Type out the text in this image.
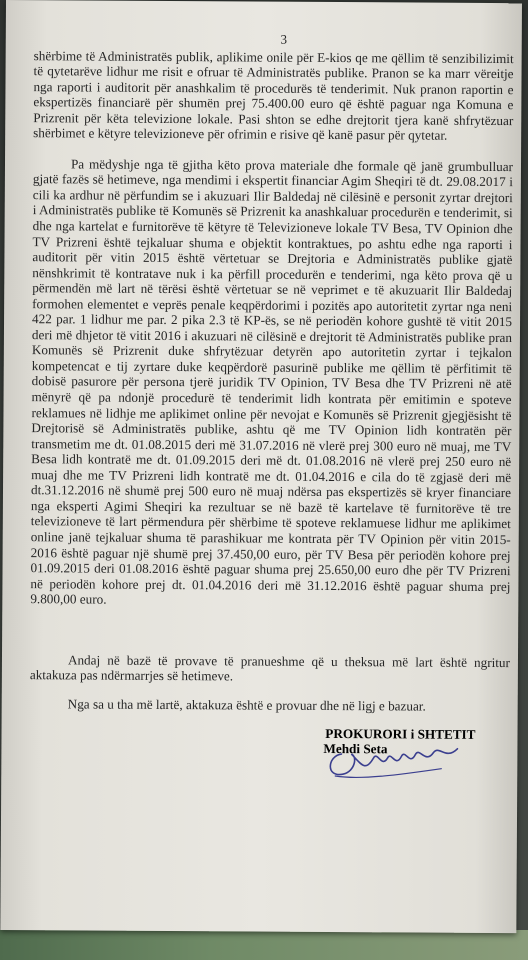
3

shërbime të Administratës publik, aplikime onile për E-kios qe me qëllim të senzibilizimit të qytetarëve lidhur me risit e ofruar të Administratës publike. Pranon se ka marr vëreitje nga raporti i auditorit për anashkalim të procedurës të tenderimit. Nuk pranon raportin e ekspertizës financiarë për shumën prej 75.400.00 euro që është paguar nga Komuna e Prizrenit për këta televizione lokale. Pasi shton se edhe drejtorit tjera kanë shfrytëzuar shërbimet e këtyre televizioneve për ofrimin e risive që kanë pasur për qytetar.

Pa mëdyshje nga të gjitha këto prova materiale dhe formale që janë grumbulluar gjatë fazës së hetimeve, nga mendimi i ekspertit financiar Agim Sheqiri të dt. 29.08.2017 i cili ka ardhur në përfundim se i akuzuari Ilir Baldedaj në cilësinë e personit zyrtar drejtori i Administratës publike të Komunës së Prizrenit ka anashkaluar procedurën e tenderimit, si dhe nga kartelat e furnitorëve të këtyre të Televizioneve lokale TV Besa, TV Opinion dhe TV Prizreni është tejkaluar shuma e objektit kontraktues, po ashtu edhe nga raporti i auditorit për vitin 2015 është vërtetuar se Drejtoria e Administratës publike gjatë nënshkrimit të kontratave nuk i ka përfill procedurën e tenderimi, nga këto prova që u përmendën më lart në tërësi është vërtetuar se në veprimet e të akuzuarit Ilir Baldedaj formohen elementet e veprës penale keqpërdorimi i pozitës apo autoritetit zyrtar nga neni 422 par. 1 lidhur me par. 2 pika 2.3 të KP-ës, se në periodën kohore gushtë të vitit 2015 deri më dhjetor të vitit 2016 i akuzuari në cilësinë e drejtorit të Administratës publike pran Komunës së Prizrenit duke shfrytëzuar detyrën apo autoritetin zyrtar i tejkalon kompetencat e tij zyrtare duke keqpërdorë pasurinë publike me qëllim të përfitimit të dobisë pasurore për persona tjerë juridik TV Opinion, TV Besa dhe TV Prizreni në atë mënyrë që pa ndonjë procedurë të tenderimit lidh kontrata për emitimin e spoteve reklamues në lidhje me aplikimet online për nevojat e Komunës së Prizrenit gjegjësisht të Drejtorisë së Administratës publike, ashtu që me TV Opinion lidh kontratën për transmetim me dt. 01.08.2015 deri më 31.07.2016 në vlerë prej 300 euro në muaj, me TV Besa lidh kontratë me dt. 01.09.2015 deri më dt. 01.08.2016 në vlerë prej 250 euro në muaj dhe me TV Prizreni lidh kontratë me dt. 01.04.2016 e cila do të zgjasë deri më dt.31.12.2016 në shumë prej 500 euro në muaj ndërsa pas ekspertizës së kryer financiare nga eksperti Agimi Sheqiri ka rezultuar se në bazë të kartelave të furnitorëve të tre televizioneve të lart përmendura për shërbime të spoteve reklamuese lidhur me aplikimet online janë tejkaluar shuma të parashikuar me kontrata për TV Opinion për vitin 2015-2016 është paguar një shumë prej 37.450,00 euro, për TV Besa për periodën kohore prej 01.09.2015 deri 01.08.2016 është paguar shuma prej 25.650,00 euro dhe për TV Prizreni në periodën kohore prej dt. 01.04.2016 deri më 31.12.2016 është paguar shuma prej 9.800,00 euro.

Andaj në bazë të provave të pranueshme që u theksua më lart është ngritur aktakuza pas ndërmarrjes së hetimeve.

Nga sa u tha më lartë, aktakuza është e provuar dhe në ligj e bazuar.

PROKURORI i SHTETIT
Mehdi Seta
